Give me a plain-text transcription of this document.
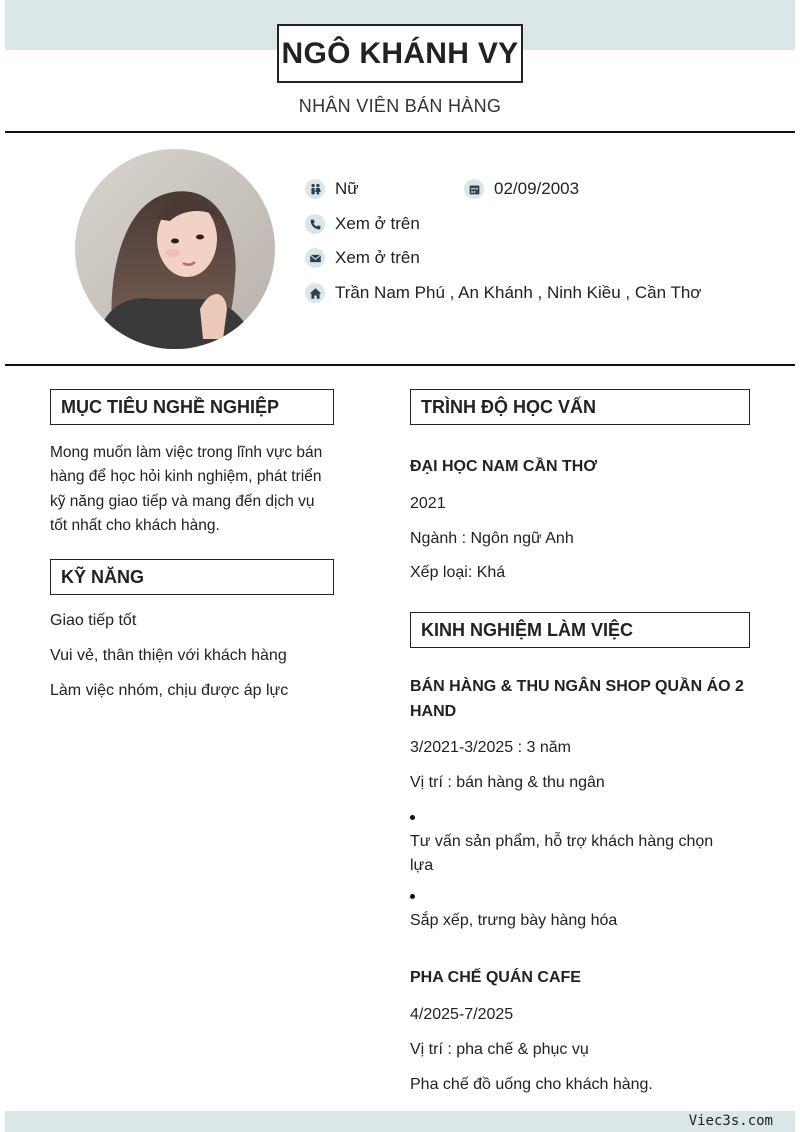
NGÔ KHÁNH VY
NHÂN VIÊN BÁN HÀNG
Nữ	02/09/2003
Xem ở trên
Xem ở trên
Trần Nam Phú , An Khánh , Ninh Kiều , Cần Thơ
MỤC TIÊU NGHỀ NGHIỆP
Mong muốn làm việc trong lĩnh vực bán
hàng để học hỏi kinh nghiệm, phát triển
kỹ năng giao tiếp và mang đến dịch vụ
tốt nhất cho khách hàng.
KỸ NĂNG
Giao tiếp tốt
Vui vẻ, thân thiện với khách hàng
Làm việc nhóm, chịu được áp lực
TRÌNH ĐỘ HỌC VẤN
ĐẠI HỌC NAM CẦN THƠ
2021
Ngành : Ngôn ngữ Anh
Xếp loại: Khá
KINH NGHIỆM LÀM VIỆC
BÁN HÀNG & THU NGÂN SHOP QUẦN ÁO 2
HAND
3/2021-3/2025 : 3 năm
Vị trí : bán hàng & thu ngân
Tư vấn sản phẩm, hỗ trợ khách hàng chọn
lựa
Sắp xếp, trưng bày hàng hóa
PHA CHẾ QUÁN CAFE
4/2025-7/2025
Vị trí : pha chế & phục vụ
Pha chế đồ uống cho khách hàng.
Viec3s.com
